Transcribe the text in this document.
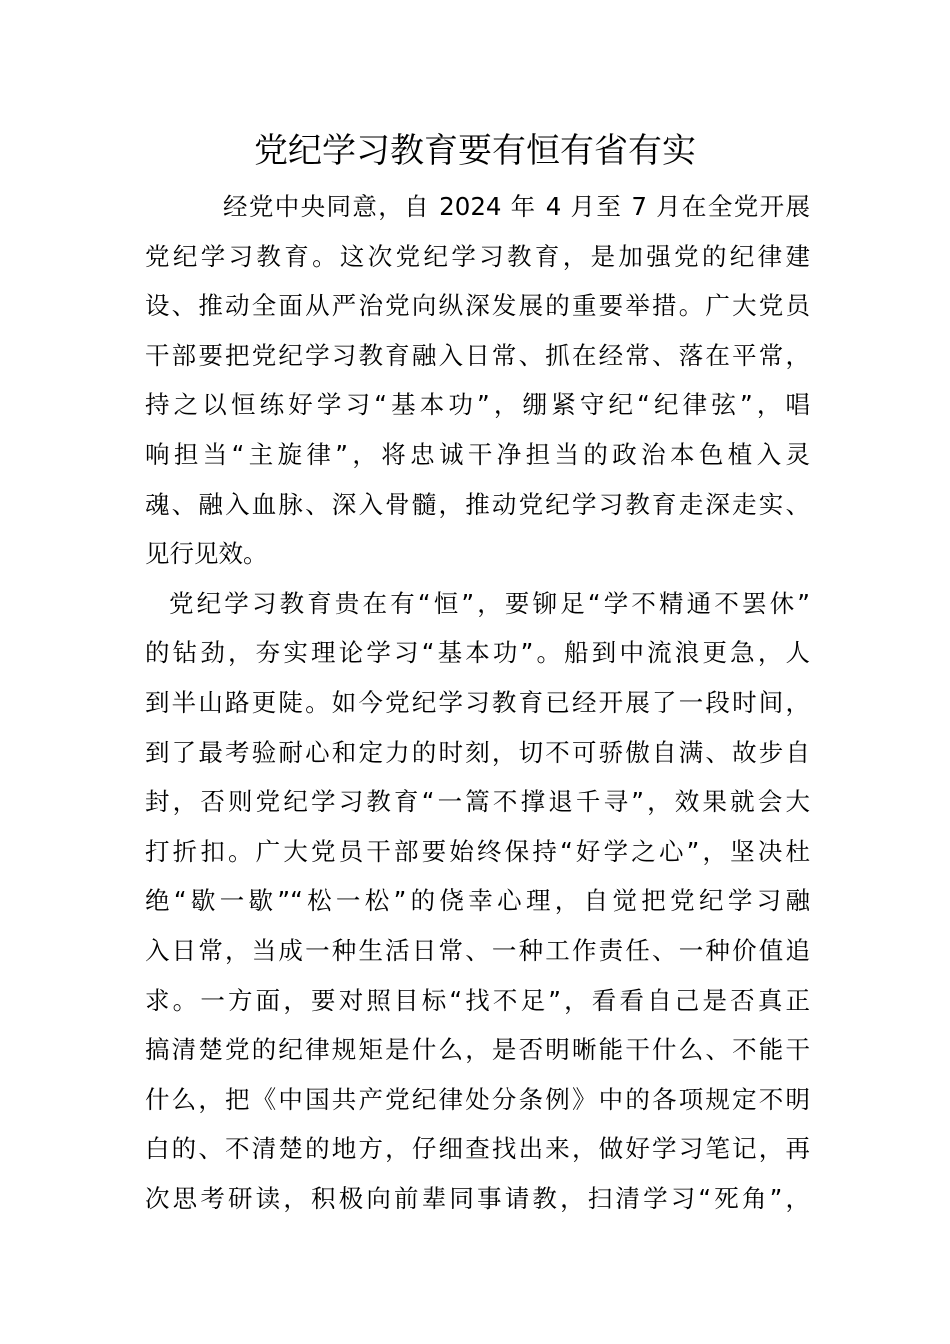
党纪学习教育要有恒有省有实
经党中央同意，自 2024 年 4 月至 7 月在全党开展
党纪学习教育。这次党纪学习教育，是加强党的纪律建
设、推动全面从严治党向纵深发展的重要举措。广大党员
干部要把党纪学习教育融入日常、抓在经常、落在平常，
持之以恒练好学习“基本功”，绷紧守纪“纪律弦”，唱
响担当“主旋律”，将忠诚干净担当的政治本色植入灵
魂、融入血脉、深入骨髓，推动党纪学习教育走深走实、
见行见效。
党纪学习教育贵在有“恒”，要铆足“学不精通不罢休”
的钻劲，夯实理论学习“基本功”。船到中流浪更急，人
到半山路更陡。如今党纪学习教育已经开展了一段时间，
到了最考验耐心和定力的时刻，切不可骄傲自满、故步自
封，否则党纪学习教育“一篙不撑退千寻”，效果就会大
打折扣。广大党员干部要始终保持“好学之心”，坚决杜
绝“歇一歇”“松一松”的侥幸心理，自觉把党纪学习融
入日常，当成一种生活日常、一种工作责任、一种价值追
求。一方面，要对照目标“找不足”，看看自己是否真正
搞清楚党的纪律规矩是什么，是否明晰能干什么、不能干
什么，把《中国共产党纪律处分条例》中的各项规定不明
白的、不清楚的地方，仔细查找出来，做好学习笔记，再
次思考研读，积极向前辈同事请教，扫清学习“死角”，
